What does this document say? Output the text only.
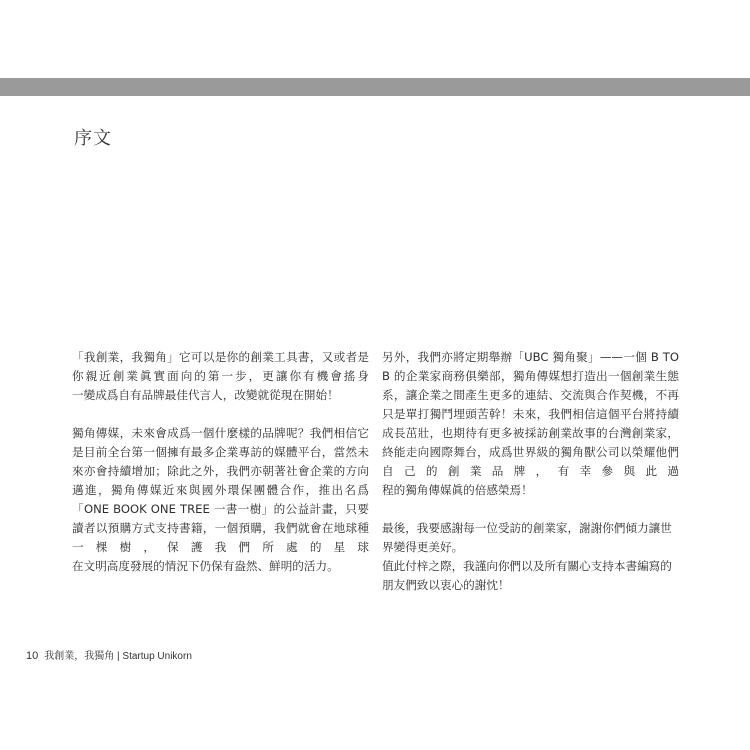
序文

「我創業，我獨角」它可以是你的創業工具書，又或者是你親近創業眞實面向的第一步，更讓你有機會搖身
一變成爲自有品牌最佳代言人，改變就從現在開始！

獨角傳媒，未來會成爲一個什麼樣的品牌呢？我們相信它是目前全台第一個擁有最多企業專訪的媒體平台，當然未來亦會持續增加；除此之外，我們亦朝著社會企業的方向邁進，獨角傳媒近來與國外環保團體合作，推出名爲「ONE BOOK ONE TREE 一書一樹」的公益計畫，只要讀者以預購方式支持書籍，一個預購，我們就會在地球種一棵樹，保護我們所處的星球
在文明高度發展的情況下仍保有盎然、鮮明的活力。

另外，我們亦將定期舉辦「UBC 獨角聚」——一個 B TO B 的企業家商務俱樂部，獨角傳媒想打造出一個創業生態系，讓企業之間產生更多的連結、交流與合作契機，不再只是單打獨鬥埋頭苦幹！未來，我們相信這個平台將持續成長茁壯，也期待有更多被採訪創業故事的台灣創業家，終能走向國際舞台，成爲世界級的獨角獸公司以榮耀他們自己的創業品牌，有幸參與此過
程的獨角傳媒眞的倍感榮焉！

最後，我要感謝每一位受訪的創業家，謝謝你們傾力讓世界變得更美好。

值此付梓之際，我謹向你們以及所有關心支持本書編寫的朋友們致以衷心的謝忱！

10 我創業，我獨角 | Startup Unikorn
